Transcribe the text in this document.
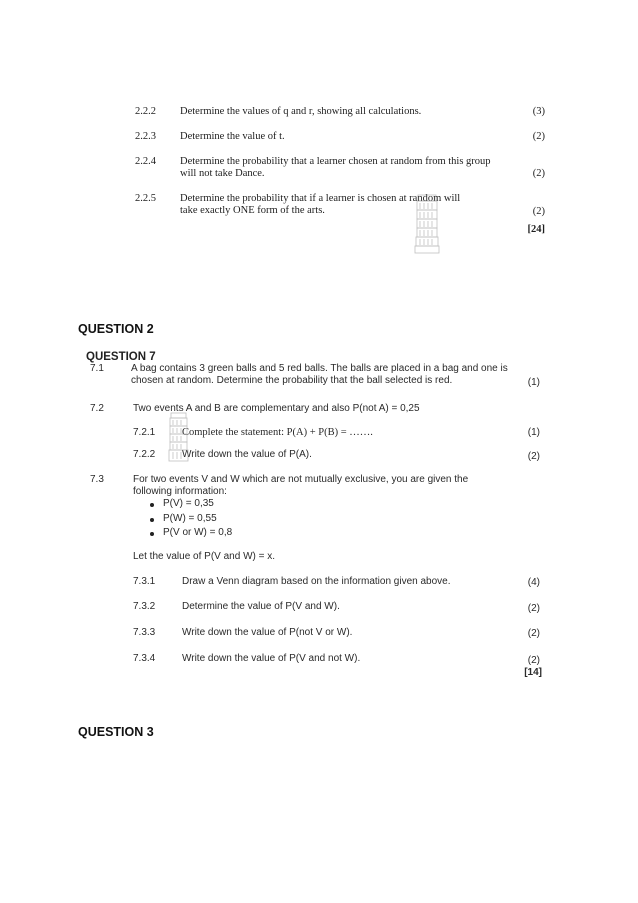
2.2.2 Determine the values of q and r, showing all calculations.	(3)
2.2.3 Determine the value of t.	(2)
2.2.4 Determine the probability that a learner chosen at random from this group
will not take Dance.	(2)
2.2.5 Determine the probability that if a learner is chosen at random will
take exactly ONE form of the arts.	(2)
[24]
QUESTION 2
QUESTION 7
7.1	A bag contains 3 green balls and 5 red balls. The balls are placed in a bag and one is
chosen at random. Determine the probability that the ball selected is red.	(1)
7.2	Two events A and B are complementary and also P(not A) = 0,25
7.2.1	Complete the statement: P(A) + P(B) = …….	(1)
7.2.2	Write down the value of P(A).	(2)
7.3	For two events V and W which are not mutually exclusive, you are given the
following information:
P(V) = 0,35
P(W) = 0,55
P(V or W) = 0,8
Let the value of P(V and W) = x.
7.3.1	Draw a Venn diagram based on the information given above.	(4)
7.3.2	Determine the value of P(V and W).	(2)
7.3.3	Write down the value of P(not V or W).	(2)
7.3.4	Write down the value of P(V and not W).	(2)
[14]
QUESTION 3
